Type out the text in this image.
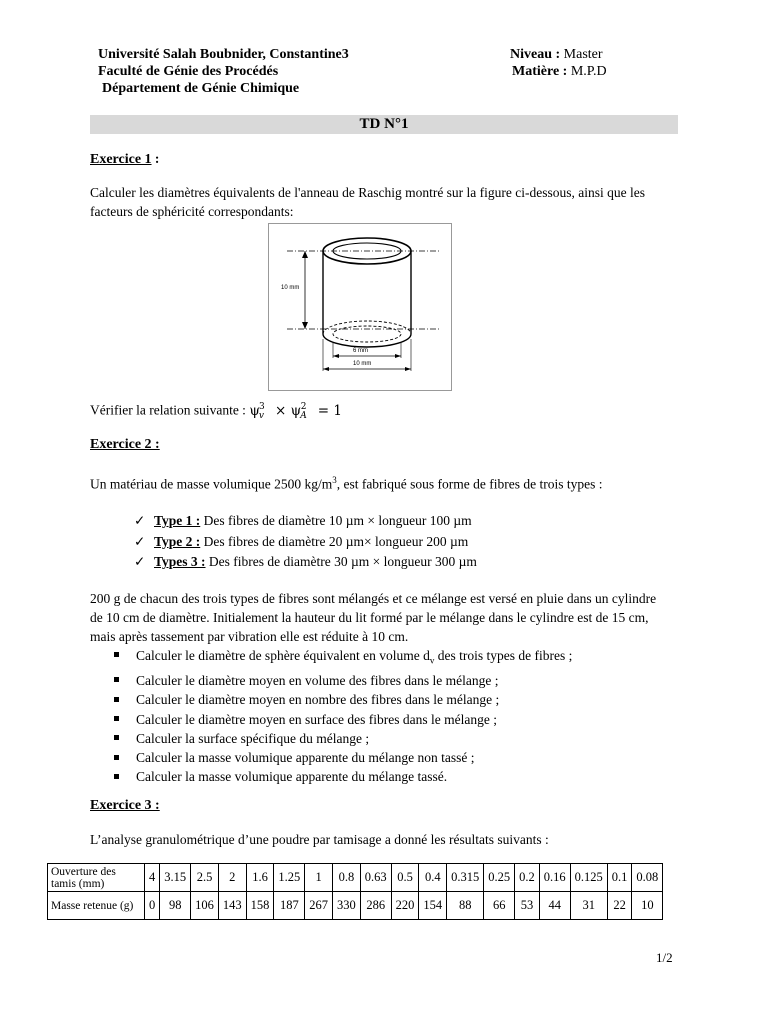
Université Salah Boubnider, Constantine3
Faculté de Génie des Procédés
Département de Génie Chimique
Niveau : Master
Matière : M.P.D
TD N°1
Exercice 1 :
Calculer les diamètres équivalents de l'anneau de Raschig montré sur la figure ci-dessous, ainsi que les facteurs de sphéricité correspondants:
10 mm
6 mm
10 mm
Vérifier la relation suivante : $\psi_v^3 \times \psi_A^2 = 1$
Exercice 2 :
Un matériau de masse volumique 2500 $kg/m^3$, est fabriqué sous forme de fibres de trois types :
✓ Type 1 : Des fibres de diamètre 10 µm × longueur 100 µm
✓ Type 2 : Des fibres de diamètre 20 µm× longueur 200 µm
✓ Types 3 : Des fibres de diamètre 30 µm × longueur 300 µm
200 g de chacun des trois types de fibres sont mélangés et ce mélange est versé en pluie dans un cylindre de 10 cm de diamètre. Initialement la hauteur du lit formé par le mélange dans le cylindre est de 15 cm, mais après tassement par vibration elle est réduite à 10 cm.
Calculer le diamètre de sphère équivalent en volume $d_v$ des trois types de fibres ;
Calculer le diamètre moyen en volume des fibres dans le mélange ;
Calculer le diamètre moyen en nombre des fibres dans le mélange ;
Calculer le diamètre moyen en surface des fibres dans le mélange ;
Calculer la surface spécifique du mélange ;
Calculer la masse volumique apparente du mélange non tassé ;
Calculer la masse volumique apparente du mélange tassé.
Exercice 3 :
L’analyse granulométrique d’une poudre par tamisage a donné les résultats suivants :
Ouverture des tamis (mm)	4	3.15	2.5	2	1.6	1.25	1	0.8	0.63	0.5	0.4	0.315	0.25	0.2	0.16	0.125	0.1	0.08
Masse retenue (g)	0	98	106	143	158	187	267	330	286	220	154	88	66	53	44	31	22	10
1/2
